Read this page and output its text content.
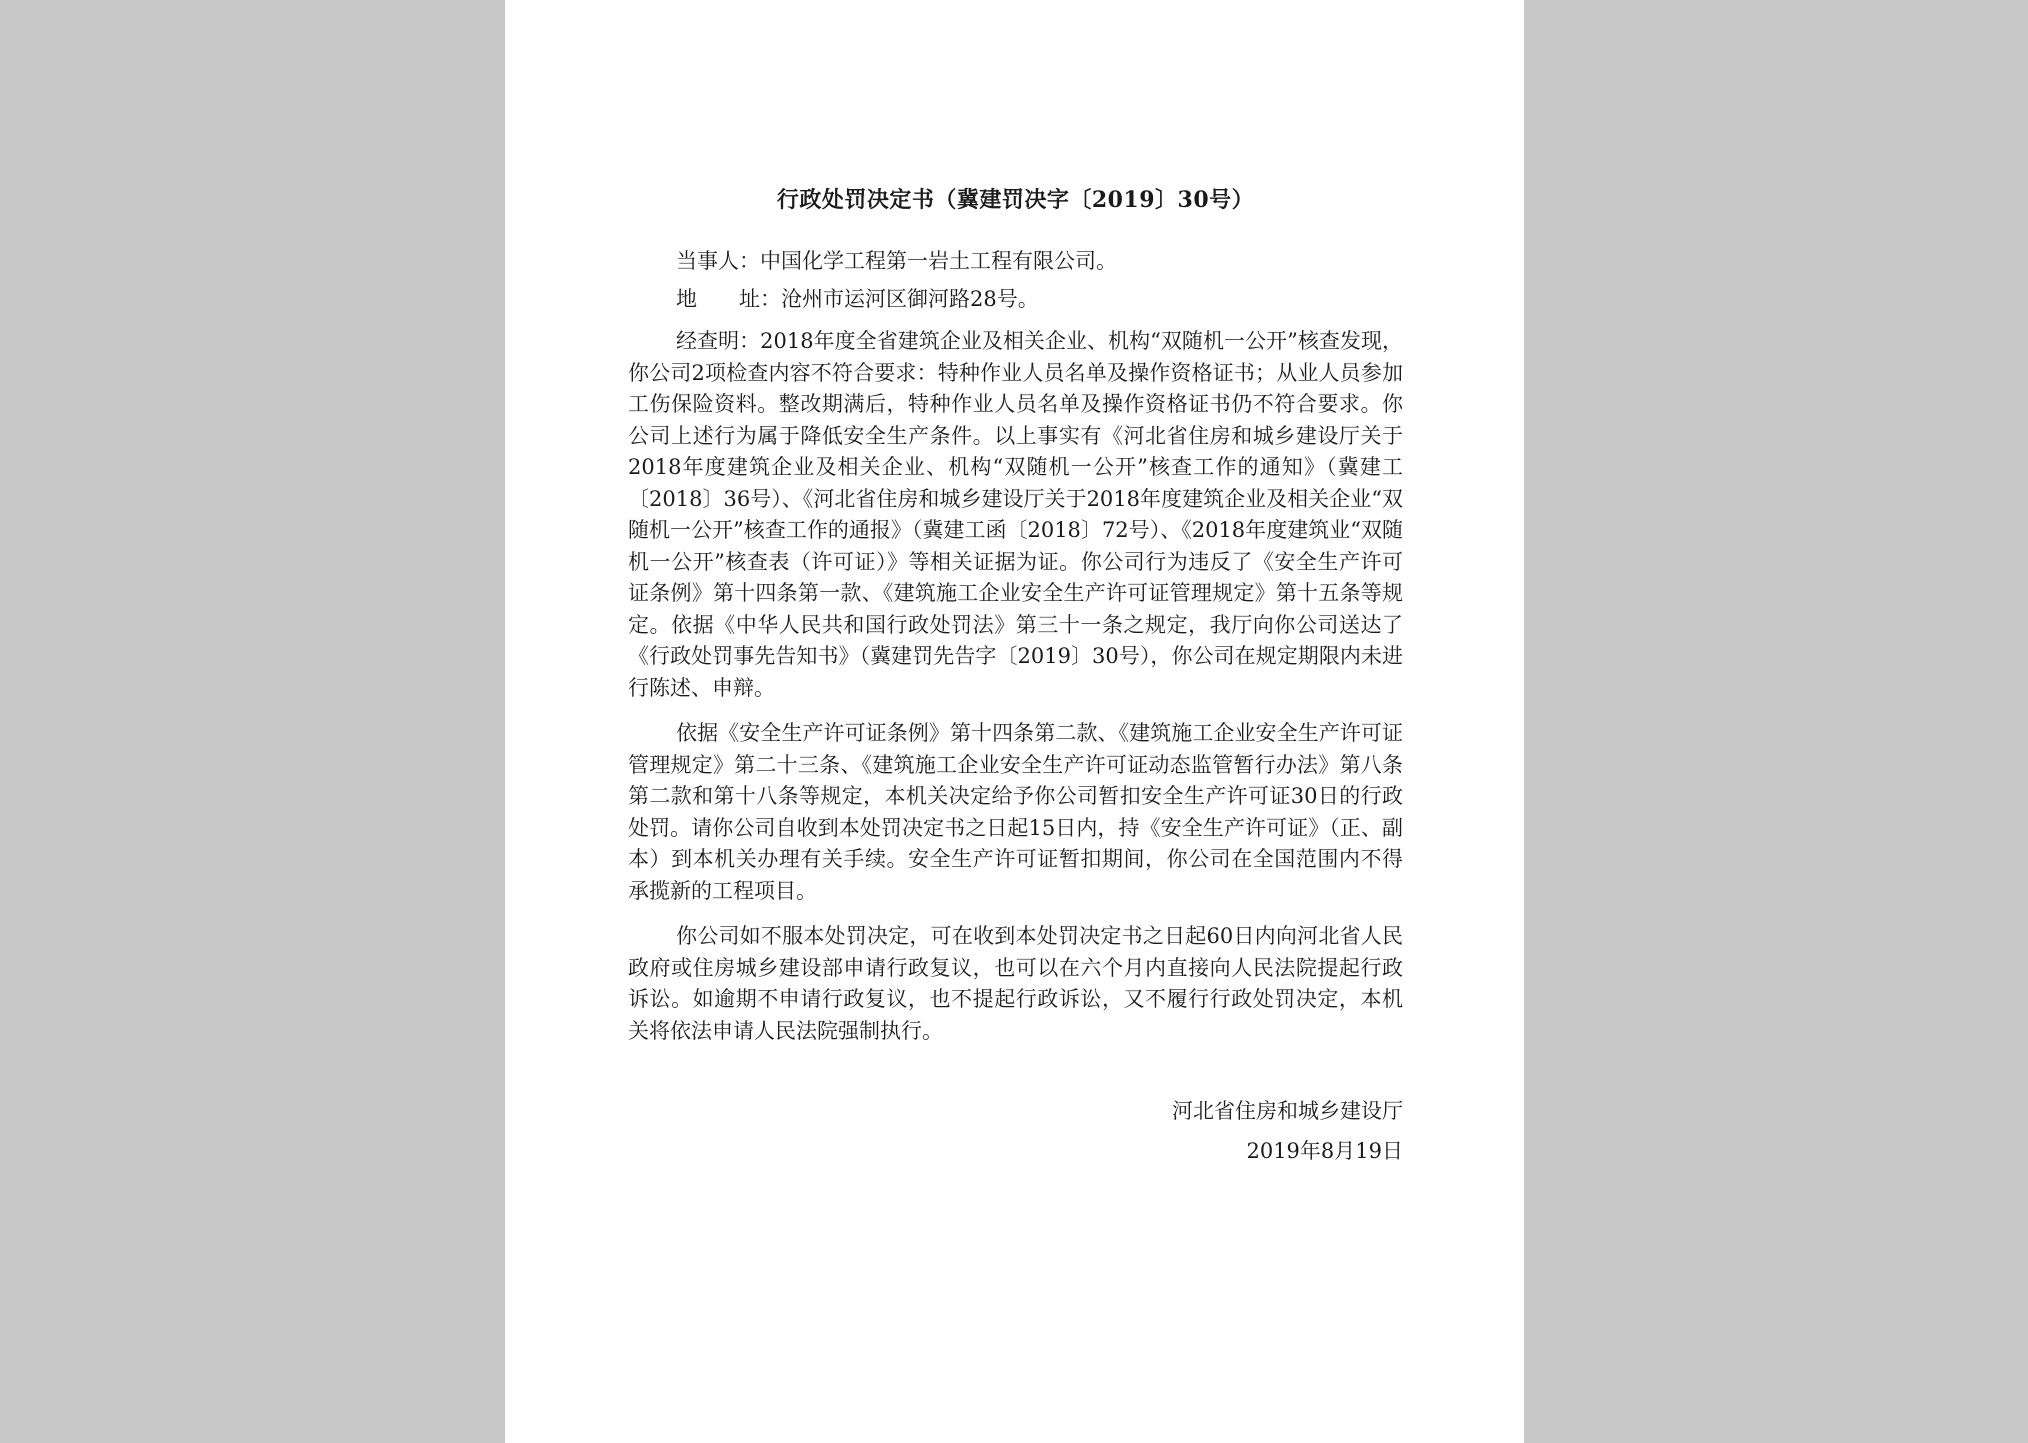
行政处罚决定书（冀建罚决字〔2019〕30号）

当事人：中国化学工程第一岩土工程有限公司。

地　　址：沧州市运河区御河路28号。

经查明：2018年度全省建筑企业及相关企业、机构“双随机一公开”核查发现，你公司2项检查内容不符合要求：特种作业人员名单及操作资格证书；从业人员参加工伤保险资料。整改期满后，特种作业人员名单及操作资格证书仍不符合要求。你公司上述行为属于降低安全生产条件。以上事实有《河北省住房和城乡建设厅关于2018年度建筑企业及相关企业、机构“双随机一公开”核查工作的通知》（冀建工〔2018〕36号）、《河北省住房和城乡建设厅关于2018年度建筑企业及相关企业“双随机一公开”核查工作的通报》（冀建工函〔2018〕72号）、《2018年度建筑业“双随机一公开”核查表（许可证）》等相关证据为证。你公司行为违反了《安全生产许可证条例》第十四条第一款、《建筑施工企业安全生产许可证管理规定》第十五条等规定。依据《中华人民共和国行政处罚法》第三十一条之规定，我厅向你公司送达了《行政处罚事先告知书》（冀建罚先告字〔2019〕30号），你公司在规定期限内未进行陈述、申辩。

依据《安全生产许可证条例》第十四条第二款、《建筑施工企业安全生产许可证管理规定》第二十三条、《建筑施工企业安全生产许可证动态监管暂行办法》第八条第二款和第十八条等规定，本机关决定给予你公司暂扣安全生产许可证30日的行政处罚。请你公司自收到本处罚决定书之日起15日内，持《安全生产许可证》（正、副本）到本机关办理有关手续。安全生产许可证暂扣期间，你公司在全国范围内不得承揽新的工程项目。

你公司如不服本处罚决定，可在收到本处罚决定书之日起60日内向河北省人民政府或住房城乡建设部申请行政复议，也可以在六个月内直接向人民法院提起行政诉讼。如逾期不申请行政复议，也不提起行政诉讼，又不履行行政处罚决定，本机关将依法申请人民法院强制执行。

河北省住房和城乡建设厅
2019年8月19日
